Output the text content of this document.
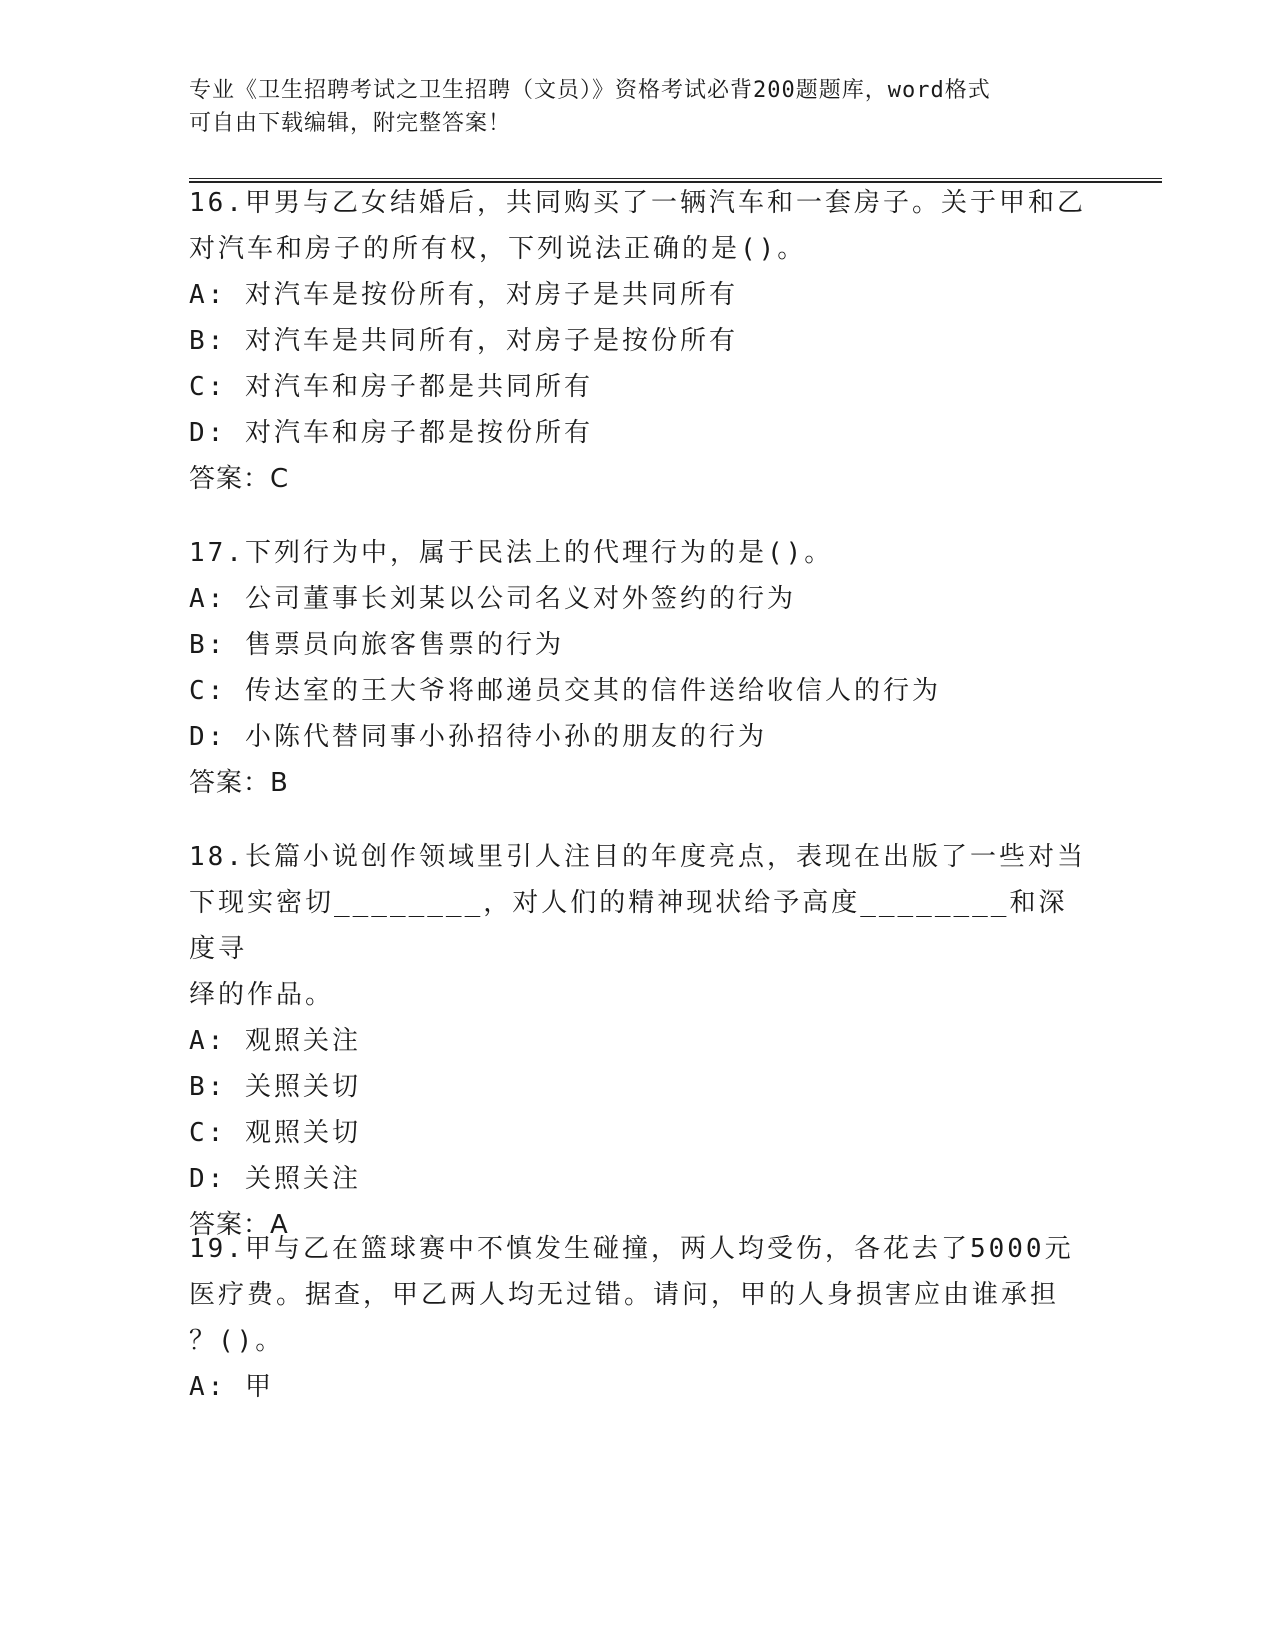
专业《卫生招聘考试之卫生招聘（文员）》资格考试必背200题题库，word格式
可自由下载编辑，附完整答案！

16.甲男与乙女结婚后，共同购买了一辆汽车和一套房子。关于甲和乙

对汽车和房子的所有权，下列说法正确的是()。

A: 对汽车是按份所有，对房子是共同所有

B: 对汽车是共同所有，对房子是按份所有

C: 对汽车和房子都是共同所有

D: 对汽车和房子都是按份所有

答案：C

17.下列行为中，属于民法上的代理行为的是()。

A: 公司董事长刘某以公司名义对外签约的行为

B: 售票员向旅客售票的行为

C: 传达室的王大爷将邮递员交其的信件送给收信人的行为

D: 小陈代替同事小孙招待小孙的朋友的行为

答案：B

18.长篇小说创作领域里引人注目的年度亮点，表现在出版了一些对当

下现实密切________，对人们的精神现状给予高度________和深度寻

绎的作品。

A: 观照关注

B: 关照关切

C: 观照关切

D: 关照关注

答案：A

19.甲与乙在篮球赛中不慎发生碰撞，两人均受伤，各花去了5000元

医疗费。据查，甲乙两人均无过错。请问，甲的人身损害应由谁承担

？()。

A: 甲
